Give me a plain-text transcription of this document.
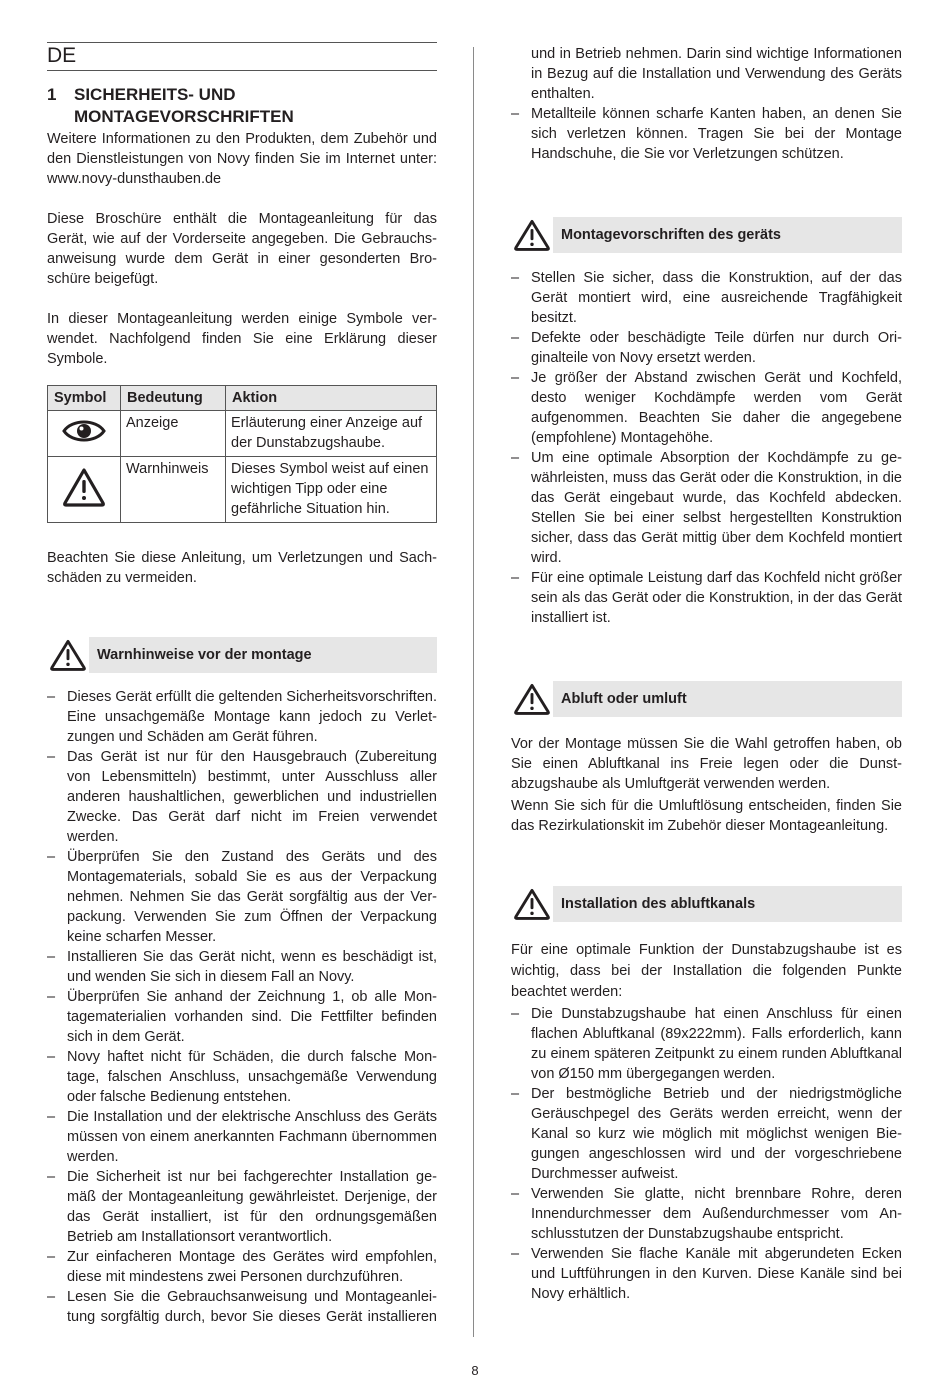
DE
1	SICHERHEITS- UND
MONTAGEVORSCHRIFTEN

Weitere Informationen zu den Produkten, dem Zubehör und den Dienstleistungen von Novy finden Sie im Internet unter: www.novy-dunsthauben.de

Diese Broschüre enthält die Montageanleitung für das Gerät, wie auf der Vorderseite angegeben. Die Gebrauchsanweisung wurde dem Gerät in einer gesonderten Broschüre beigefügt.

In dieser Montageanleitung werden einige Symbole verwendet. Nachfolgend finden Sie eine Erklärung dieser Symbole.

Symbol	Bedeutung	Aktion
	Anzeige	Erläuterung einer Anzeige auf der Dunstabzugshaube.
	Warnhinweis	Dieses Symbol weist auf einen wichtigen Tipp oder eine gefährliche Situation hin.

Beachten Sie diese Anleitung, um Verletzungen und Sachschäden zu vermeiden.

Warnhinweise vor der montage
– Dieses Gerät erfüllt die geltenden Sicherheitsvorschriften. Eine unsachgemäße Montage kann jedoch zu Verletzungen und Schäden am Gerät führen.
– Das Gerät ist nur für den Hausgebrauch (Zubereitung von Lebensmitteln) bestimmt, unter Ausschluss aller anderen haushaltlichen, gewerblichen und industriellen Zwecke. Das Gerät darf nicht im Freien verwendet werden.
– Überprüfen Sie den Zustand des Geräts und des Montagematerials, sobald Sie es aus der Verpackung nehmen. Nehmen Sie das Gerät sorgfältig aus der Verpackung. Verwenden Sie zum Öffnen der Verpackung keine scharfen Messer.
– Installieren Sie das Gerät nicht, wenn es beschädigt ist, und wenden Sie sich in diesem Fall an Novy.
– Überprüfen Sie anhand der Zeichnung 1, ob alle Montagematerialien vorhanden sind. Die Fettfilter befinden sich in dem Gerät.
– Novy haftet nicht für Schäden, die durch falsche Montage, falschen Anschluss, unsachgemäße Verwendung oder falsche Bedienung entstehen.
– Die Installation und der elektrische Anschluss des Geräts müssen von einem anerkannten Fachmann übernommen werden.
– Die Sicherheit ist nur bei fachgerechter Installation gemäß der Montageanleitung gewährleistet. Derjenige, der das Gerät installiert, ist für den ordnungsgemäßen Betrieb am Installationsort verantwortlich.
– Zur einfacheren Montage des Gerätes wird empfohlen, diese mit mindestens zwei Personen durchzuführen.
– Lesen Sie die Gebrauchsanweisung und Montageanleitung sorgfältig durch, bevor Sie dieses Gerät installieren
und in Betrieb nehmen. Darin sind wichtige Informationen in Bezug auf die Installation und Verwendung des Geräts enthalten.
– Metallteile können scharfe Kanten haben, an denen Sie sich verletzen können. Tragen Sie bei der Montage Handschuhe, die Sie vor Verletzungen schützen.
Montagevorschriften des geräts
– Stellen Sie sicher, dass die Konstruktion, auf der das Gerät montiert wird, eine ausreichende Tragfähigkeit besitzt.
– Defekte oder beschädigte Teile dürfen nur durch Originalteile von Novy ersetzt werden.
– Je größer der Abstand zwischen Gerät und Kochfeld, desto weniger Kochdämpfe werden vom Gerät aufgenommen. Beachten Sie daher die angegebene (empfohlene) Montagehöhe.
– Um eine optimale Absorption der Kochdämpfe zu gewährleisten, muss das Gerät oder die Konstruktion, in die das Gerät eingebaut wurde, das Kochfeld abdecken. Stellen Sie bei einer selbst hergestellten Konstruktion sicher, dass das Gerät mittig über dem Kochfeld montiert wird.
– Für eine optimale Leistung darf das Kochfeld nicht größer sein als das Gerät oder die Konstruktion, in der das Gerät installiert ist.
Abluft oder umluft

Vor der Montage müssen Sie die Wahl getroffen haben, ob Sie einen Abluftkanal ins Freie legen oder die Dunstabzugshaube als Umluftgerät verwenden werden.

Wenn Sie sich für die Umluftlösung entscheiden, finden Sie das Rezirkulationskit im Zubehör dieser Montageanleitung.

Installation des abluftkanals

Für eine optimale Funktion der Dunstabzugshaube ist es wichtig, dass bei der Installation die folgenden Punkte beachtet werden:

– Die Dunstabzugshaube hat einen Anschluss für einen flachen Abluftkanal (89x222mm). Falls erforderlich, kann zu einem späteren Zeitpunkt zu einem runden Abluftkanal von Ø150 mm übergegangen werden.
– Der bestmögliche Betrieb und der niedrigstmögliche Geräuschpegel des Geräts werden erreicht, wenn der Kanal so kurz wie möglich mit möglichst wenigen Biegungen angeschlossen wird und der vorgeschriebene Durchmesser aufweist.
– Verwenden Sie glatte, nicht brennbare Rohre, deren Innendurchmesser dem Außendurchmesser vom Anschlusstutzen der Dunstabzugshaube entspricht.
– Verwenden Sie flache Kanäle mit abgerundeten Ecken und Luftführungen in den Kurven. Diese Kanäle sind bei Novy erhältlich.
8
